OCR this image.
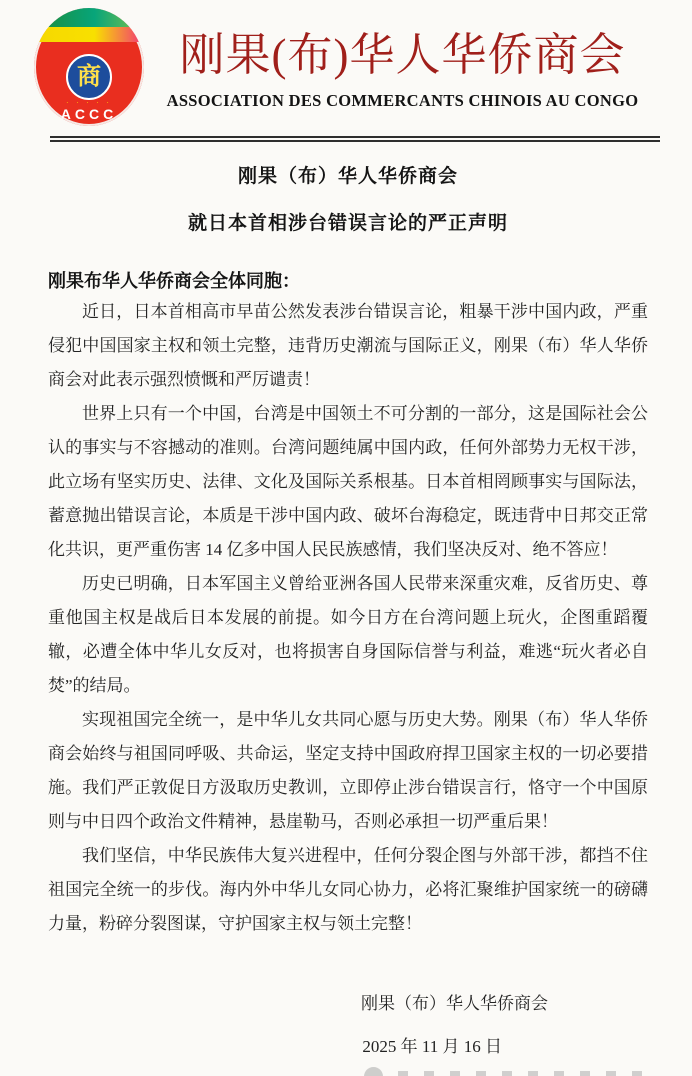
商
· · · · ·
ACCC
刚果(布)华人华侨商会
ASSOCIATION DES COMMERCANTS CHINOIS AU CONGO
刚果（布）华人华侨商会
就日本首相涉台错误言论的严正声明
刚果布华人华侨商会全体同胞：

近日，日本首相高市早苗公然发表涉台错误言论，粗暴干涉中国内政，严重侵犯中国国家主权和领土完整，违背历史潮流与国际正义，刚果（布）华人华侨商会对此表示强烈愤慨和严厉谴责！

世界上只有一个中国，台湾是中国领土不可分割的一部分，这是国际社会公认的事实与不容撼动的准则。台湾问题纯属中国内政，任何外部势力无权干涉，此立场有坚实历史、法律、文化及国际关系根基。日本首相罔顾事实与国际法，蓄意抛出错误言论，本质是干涉中国内政、破坏台海稳定，既违背中日邦交正常化共识，更严重伤害 14 亿多中国人民民族感情，我们坚决反对、绝不答应！

历史已明确，日本军国主义曾给亚洲各国人民带来深重灾难，反省历史、尊重他国主权是战后日本发展的前提。如今日方在台湾问题上玩火，企图重蹈覆辙，必遭全体中华儿女反对，也将损害自身国际信誉与利益，难逃“玩火者必自焚”的结局。

实现祖国完全统一，是中华儿女共同心愿与历史大势。刚果（布）华人华侨商会始终与祖国同呼吸、共命运，坚定支持中国政府捍卫国家主权的一切必要措施。我们严正敦促日方汲取历史教训，立即停止涉台错误言行，恪守一个中国原则与中日四个政治文件精神，悬崖勒马，否则必承担一切严重后果！

我们坚信，中华民族伟大复兴进程中，任何分裂企图与外部干涉，都挡不住祖国完全统一的步伐。海内外中华儿女同心协力，必将汇聚维护国家统一的磅礴力量，粉碎分裂图谋，守护国家主权与领土完整！

刚果（布）华人华侨商会
2025 年 11 月 16 日
